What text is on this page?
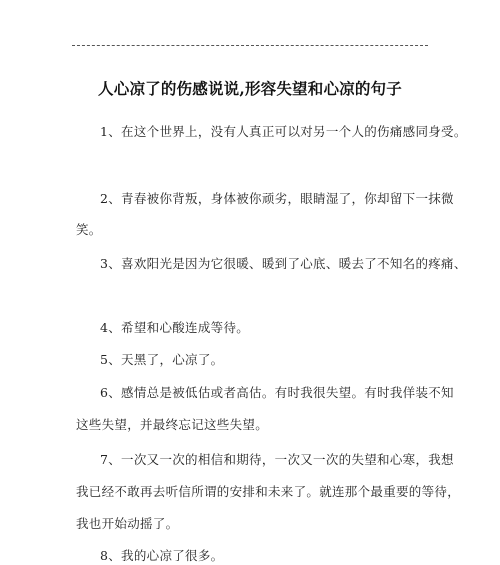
人心凉了的伤感说说,形容失望和心凉的句子
1、在这个世界上，没有人真正可以对另一个人的伤痛感同身受。
2、青春被你背叛，身体被你顽劣，眼睛湿了，你却留下一抹微
笑。
3、喜欢阳光是因为它很暖、暖到了心底、暖去了不知名的疼痛、
4、希望和心酸连成等待。
5、天黑了，心凉了。
6、感情总是被低估或者高估。有时我很失望。有时我佯装不知
这些失望，并最终忘记这些失望。
7、一次又一次的相信和期待，一次又一次的失望和心寒，我想
我已经不敢再去听信所谓的安排和未来了。就连那个最重要的等待，
我也开始动摇了。
8、我的心凉了很多。
